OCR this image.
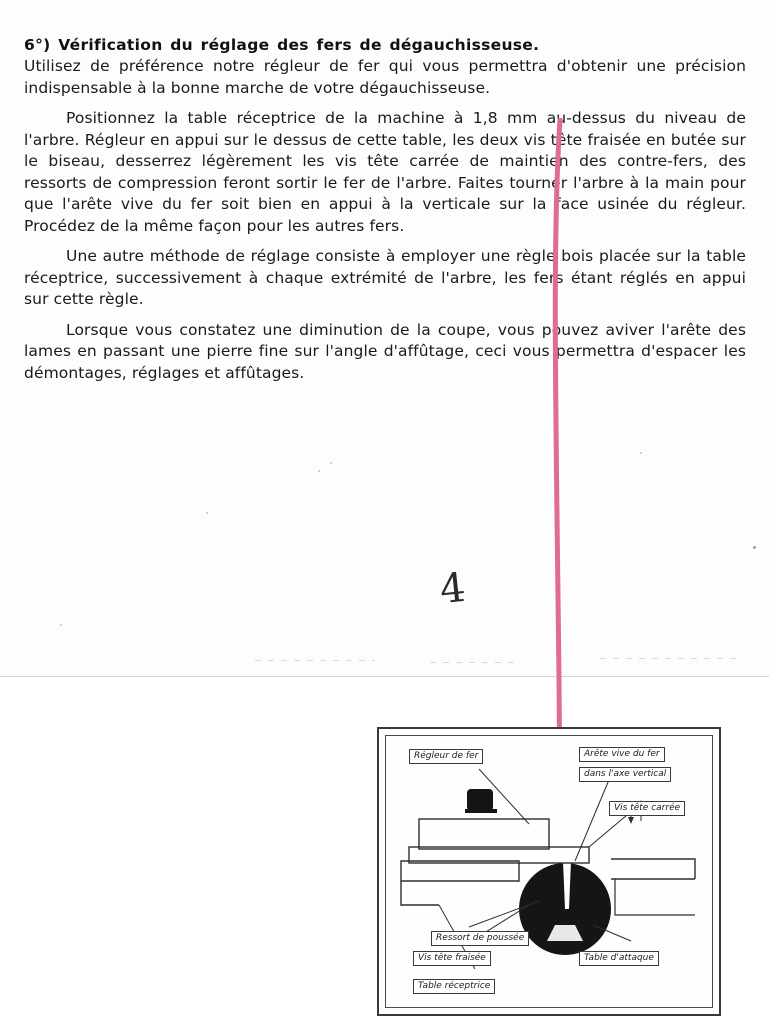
6°) Vérification du réglage des fers de dégauchisseuse.

Utilisez de préférence notre régleur de fer qui vous permettra d'obtenir une précision indispensable à la bonne marche de votre dégauchisseuse.

Positionnez la table réceptrice de la machine à 1,8 mm au-dessus du niveau de l'arbre. Régleur en appui sur le dessus de cette table, les deux vis tête fraisée en butée sur le biseau, desserrez légèrement les vis tête carrée de maintien des contre-fers, des ressorts de compression feront sortir le fer de l'arbre. Faites tourner l'arbre à la main pour que l'arête vive du fer soit bien en appui à la verticale sur la face usinée du régleur. Procédez de la même façon pour les autres fers.

Une autre méthode de réglage consiste à employer une règle bois placée sur la table réceptrice, successivement à chaque extrémité de l'arbre, les fers étant réglés en appui sur cette règle.

Lorsque vous constatez une diminution de la coupe, vous pouvez aviver l'arête des lames en passant une pierre fine sur l'angle d'affûtage, ceci vous permettra d'espacer les démontages, réglages et affûtages.

4
Régleur de fer	Arête vive du fer
dans l'axe vertical
Vis tête carrée
Ressort de poussée
Vis tête fraisée	Table d'attaque
Table réceptrice
